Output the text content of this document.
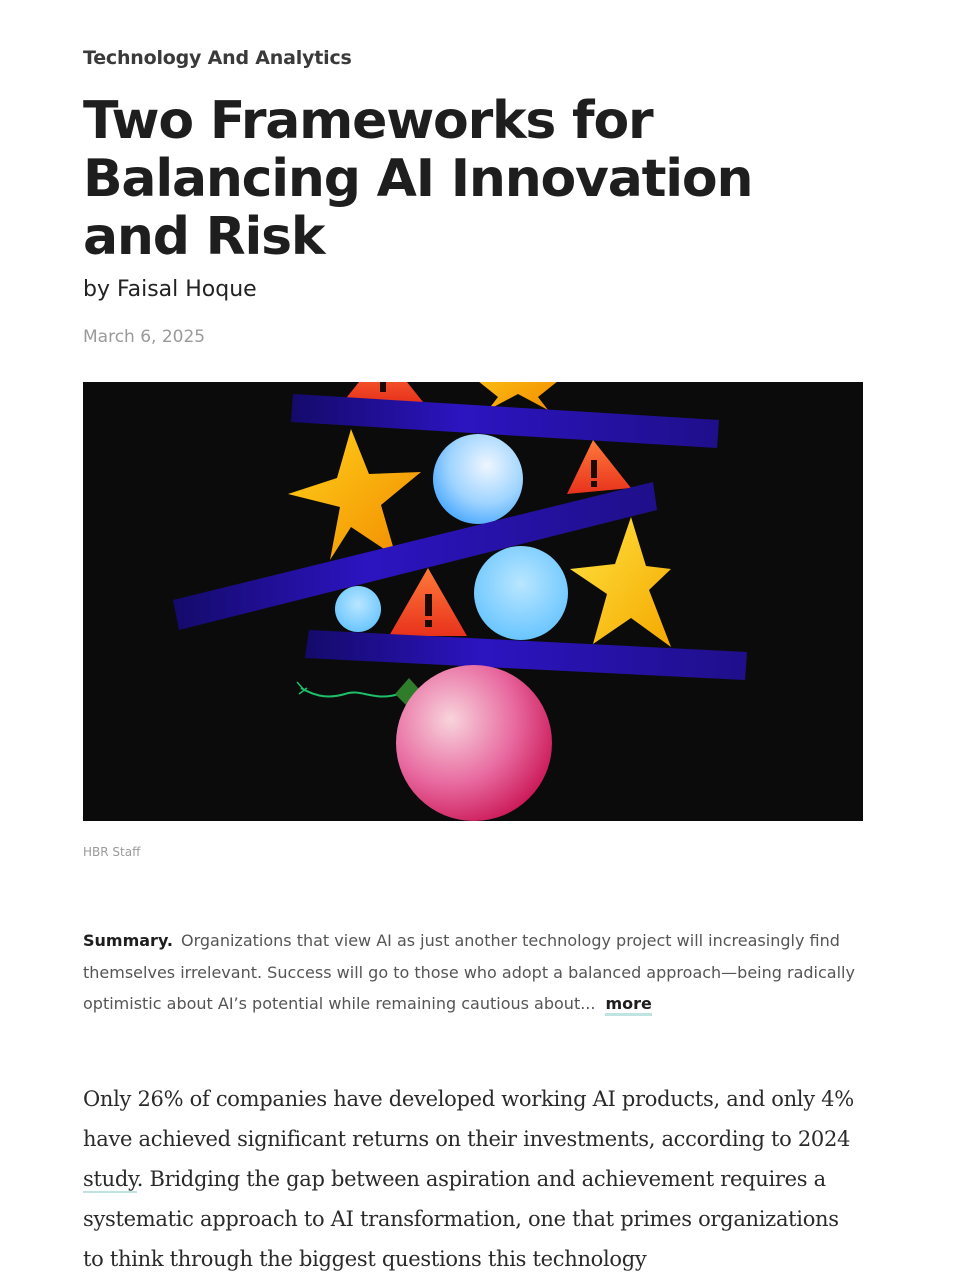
Technology And Analytics
Two Frameworks for Balancing AI Innovation and Risk
by Faisal Hoque
March 6, 2025
HBR Staff
Summary. Organizations that view AI as just another technology project will increasingly find themselves irrelevant. Success will go to those who adopt a balanced approach—being radically optimistic about AI’s potential while remaining cautious about... more

Only 26% of companies have developed working AI products, and only 4% have achieved significant returns on their investments, according to 2024 study. Bridging the gap between aspiration and achievement requires a systematic approach to AI transformation, one that primes organizations to think through the biggest questions this technology
